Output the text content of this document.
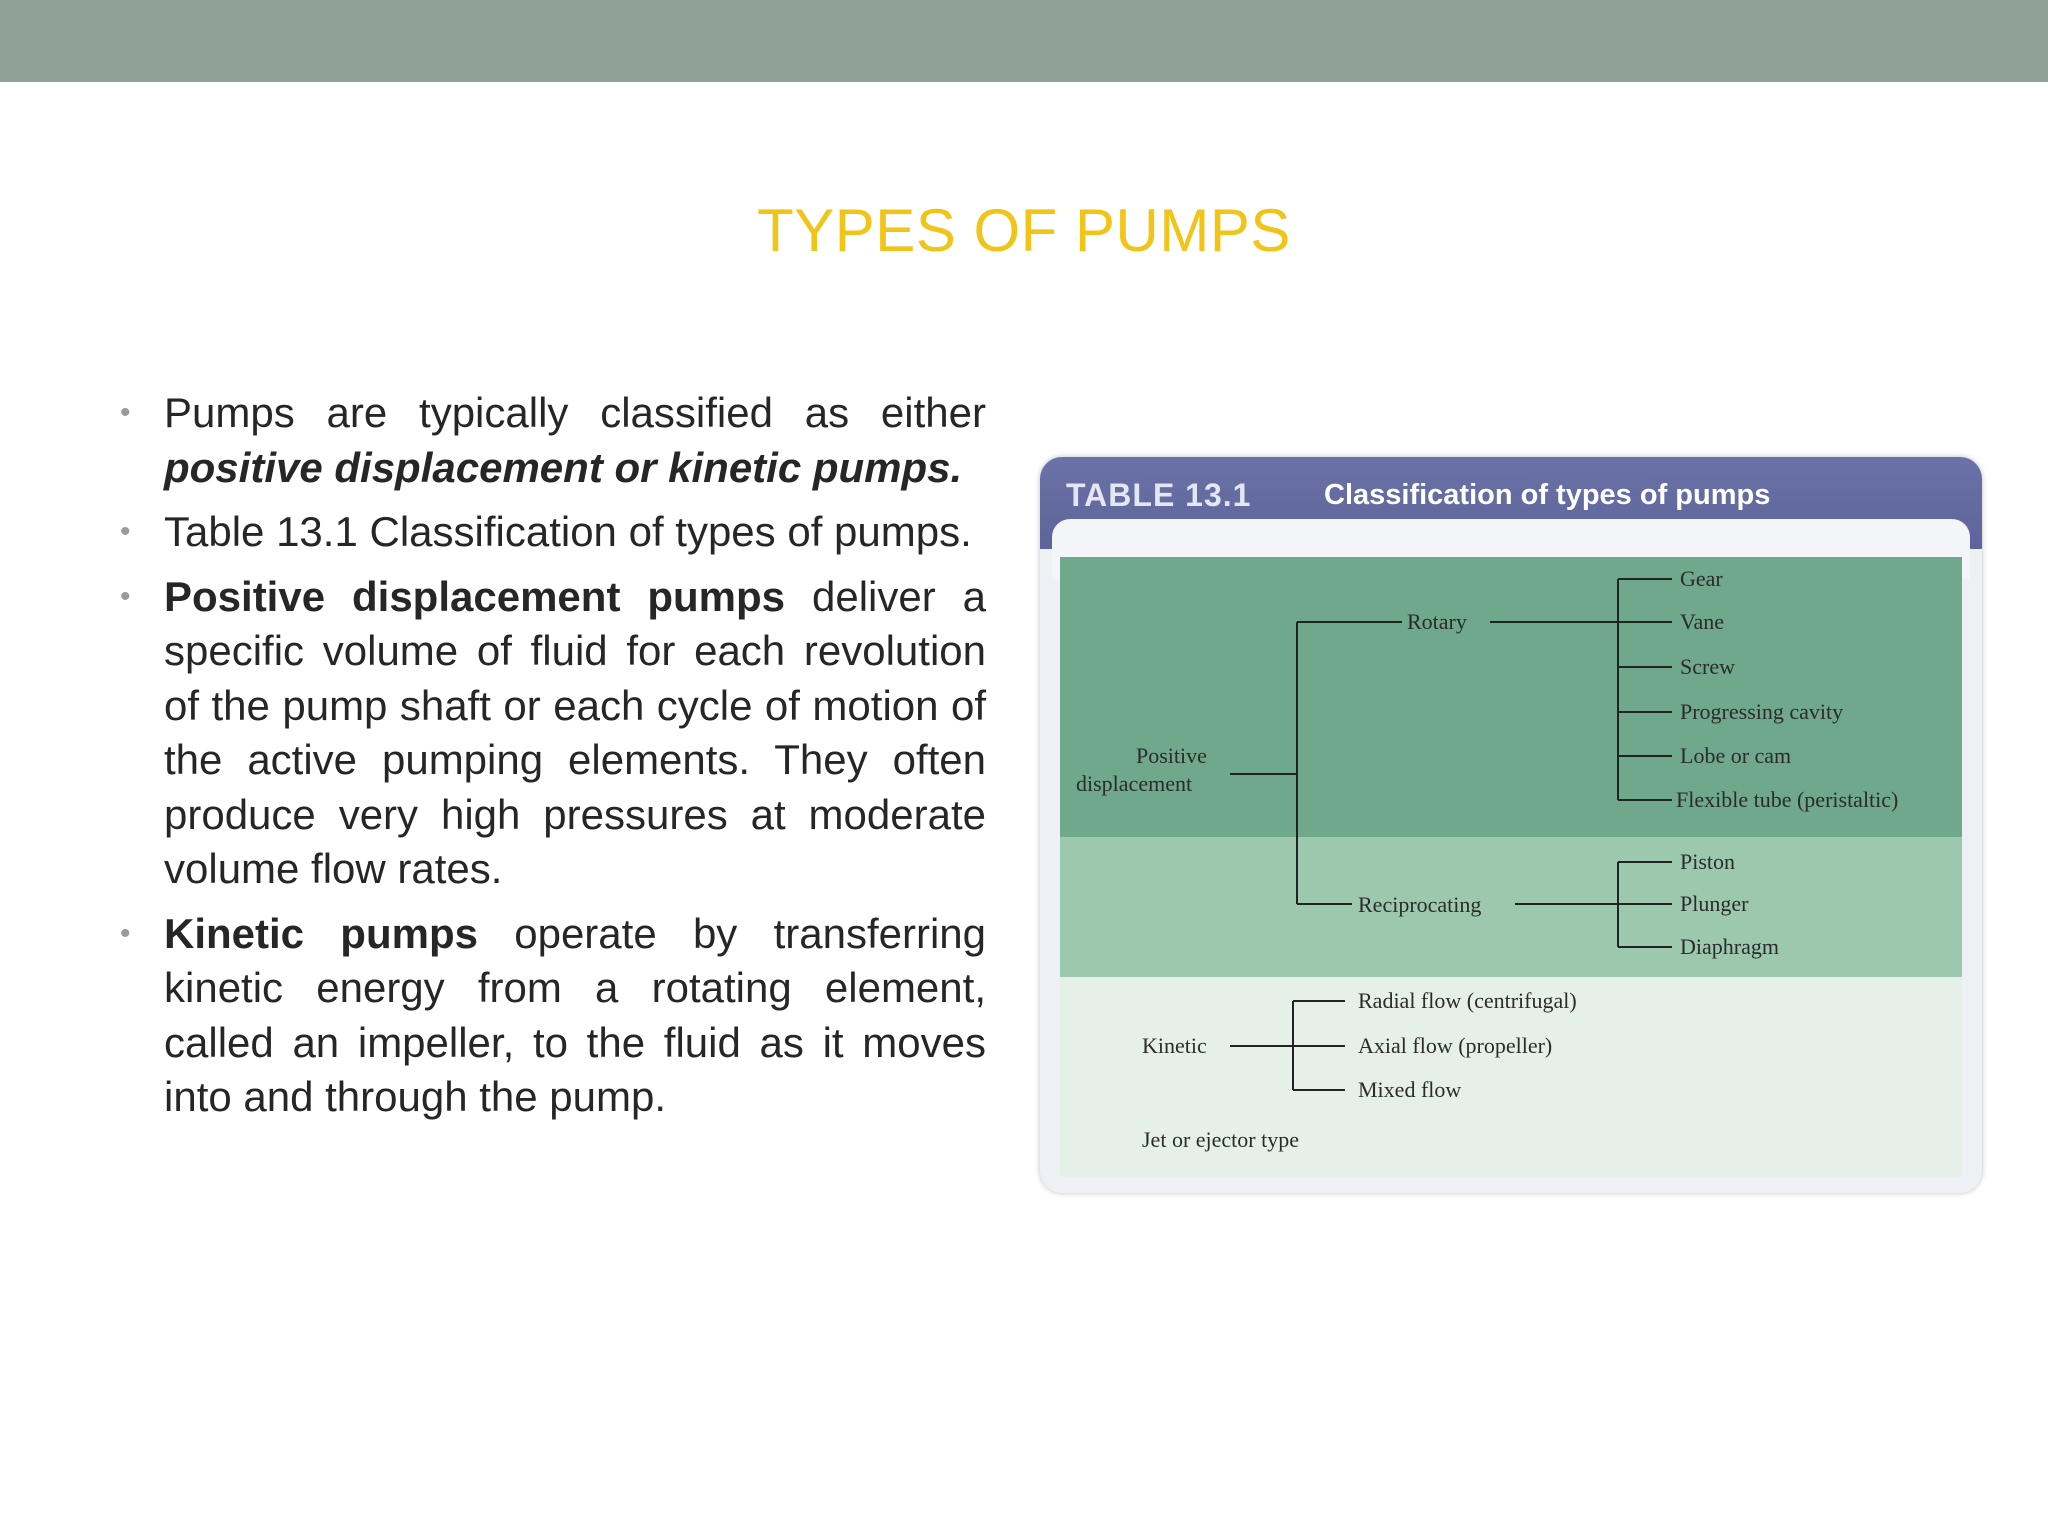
TYPES OF PUMPS
• Pumps are typically classified as either positive displacement or kinetic pumps.
• Table 13.1 Classification of types of pumps.
• Positive displacement pumps deliver a specific volume of fluid for each revolution of the pump shaft or each cycle of motion of the active pumping elements. They often produce very high pressures at moderate volume flow rates.
• Kinetic pumps operate by transferring kinetic energy from a rotating element, called an impeller, to the fluid as it moves into and through the pump.
TABLE 13.1	Classification of types of pumps
Positive
displacement
Rotary
Reciprocating
Gear
Vane
Screw
Progressing cavity
Lobe or cam
Flexible tube (peristaltic)
Piston
Plunger
Diaphragm
Kinetic
Radial flow (centrifugal)
Axial flow (propeller)
Mixed flow
Jet or ejector type
